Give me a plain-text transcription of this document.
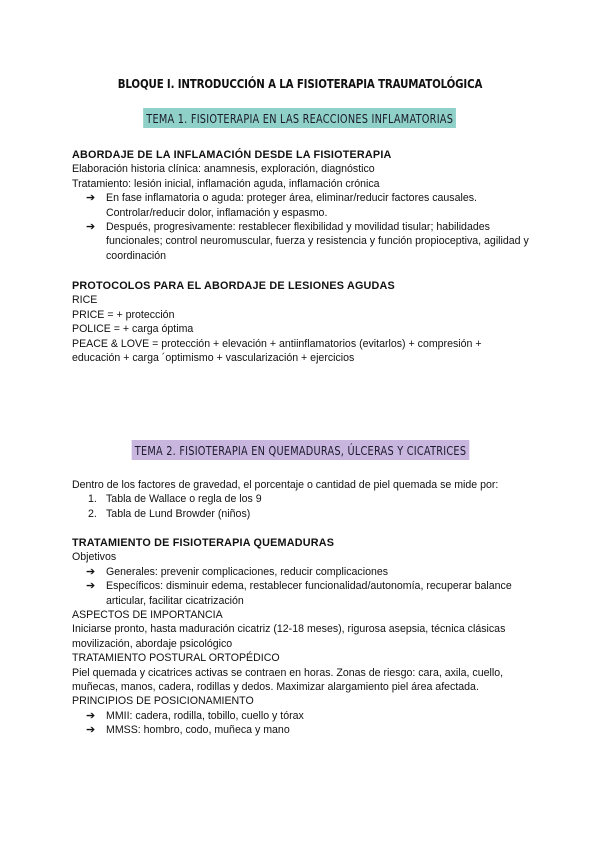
BLOQUE I. INTRODUCCIÓN A LA FISIOTERAPIA TRAUMATOLÓGICA
TEMA 1. FISIOTERAPIA EN LAS REACCIONES INFLAMATORIAS
ABORDAJE DE LA INFLAMACIÓN DESDE LA FISIOTERAPIA
Elaboración historia clínica: anamnesis, exploración, diagnóstico
Tratamiento: lesión inicial, inflamación aguda, inflamación crónica
➔ En fase inflamatoria o aguda: proteger área, eliminar/reducir factores causales. Controlar/reducir dolor, inflamación y espasmo.
➔ Después, progresivamente: restablecer flexibilidad y movilidad tisular; habilidades funcionales; control neuromuscular, fuerza y resistencia y función propioceptiva, agilidad y coordinación
PROTOCOLOS PARA EL ABORDAJE DE LESIONES AGUDAS
RICE
PRICE = + protección
POLICE = + carga óptima
PEACE & LOVE = protección + elevación + antiinflamatorios (evitarlos) + compresión + educación + carga ´optimismo + vascularización + ejercicios
TEMA 2. FISIOTERAPIA EN QUEMADURAS, ÚLCERAS Y CICATRICES
Dentro de los factores de gravedad, el porcentaje o cantidad de piel quemada se mide por:
1. Tabla de Wallace o regla de los 9
2. Tabla de Lund Browder (niños)
TRATAMIENTO DE FISIOTERAPIA QUEMADURAS
Objetivos
➔ Generales: prevenir complicaciones, reducir complicaciones
➔ Específicos: disminuir edema, restablecer funcionalidad/autonomía, recuperar balance articular, facilitar cicatrización
ASPECTOS DE IMPORTANCIA
Iniciarse pronto, hasta maduración cicatriz (12-18 meses), rigurosa asepsia, técnica clásicas movilización, abordaje psicológico
TRATAMIENTO POSTURAL ORTOPÉDICO
Piel quemada y cicatrices activas se contraen en horas. Zonas de riesgo: cara, axila, cuello, muñecas, manos, cadera, rodillas y dedos. Maximizar alargamiento piel área afectada.
PRINCIPIOS DE POSICIONAMIENTO
➔ MMII: cadera, rodilla, tobillo, cuello y tórax
➔ MMSS: hombro, codo, muñeca y mano
